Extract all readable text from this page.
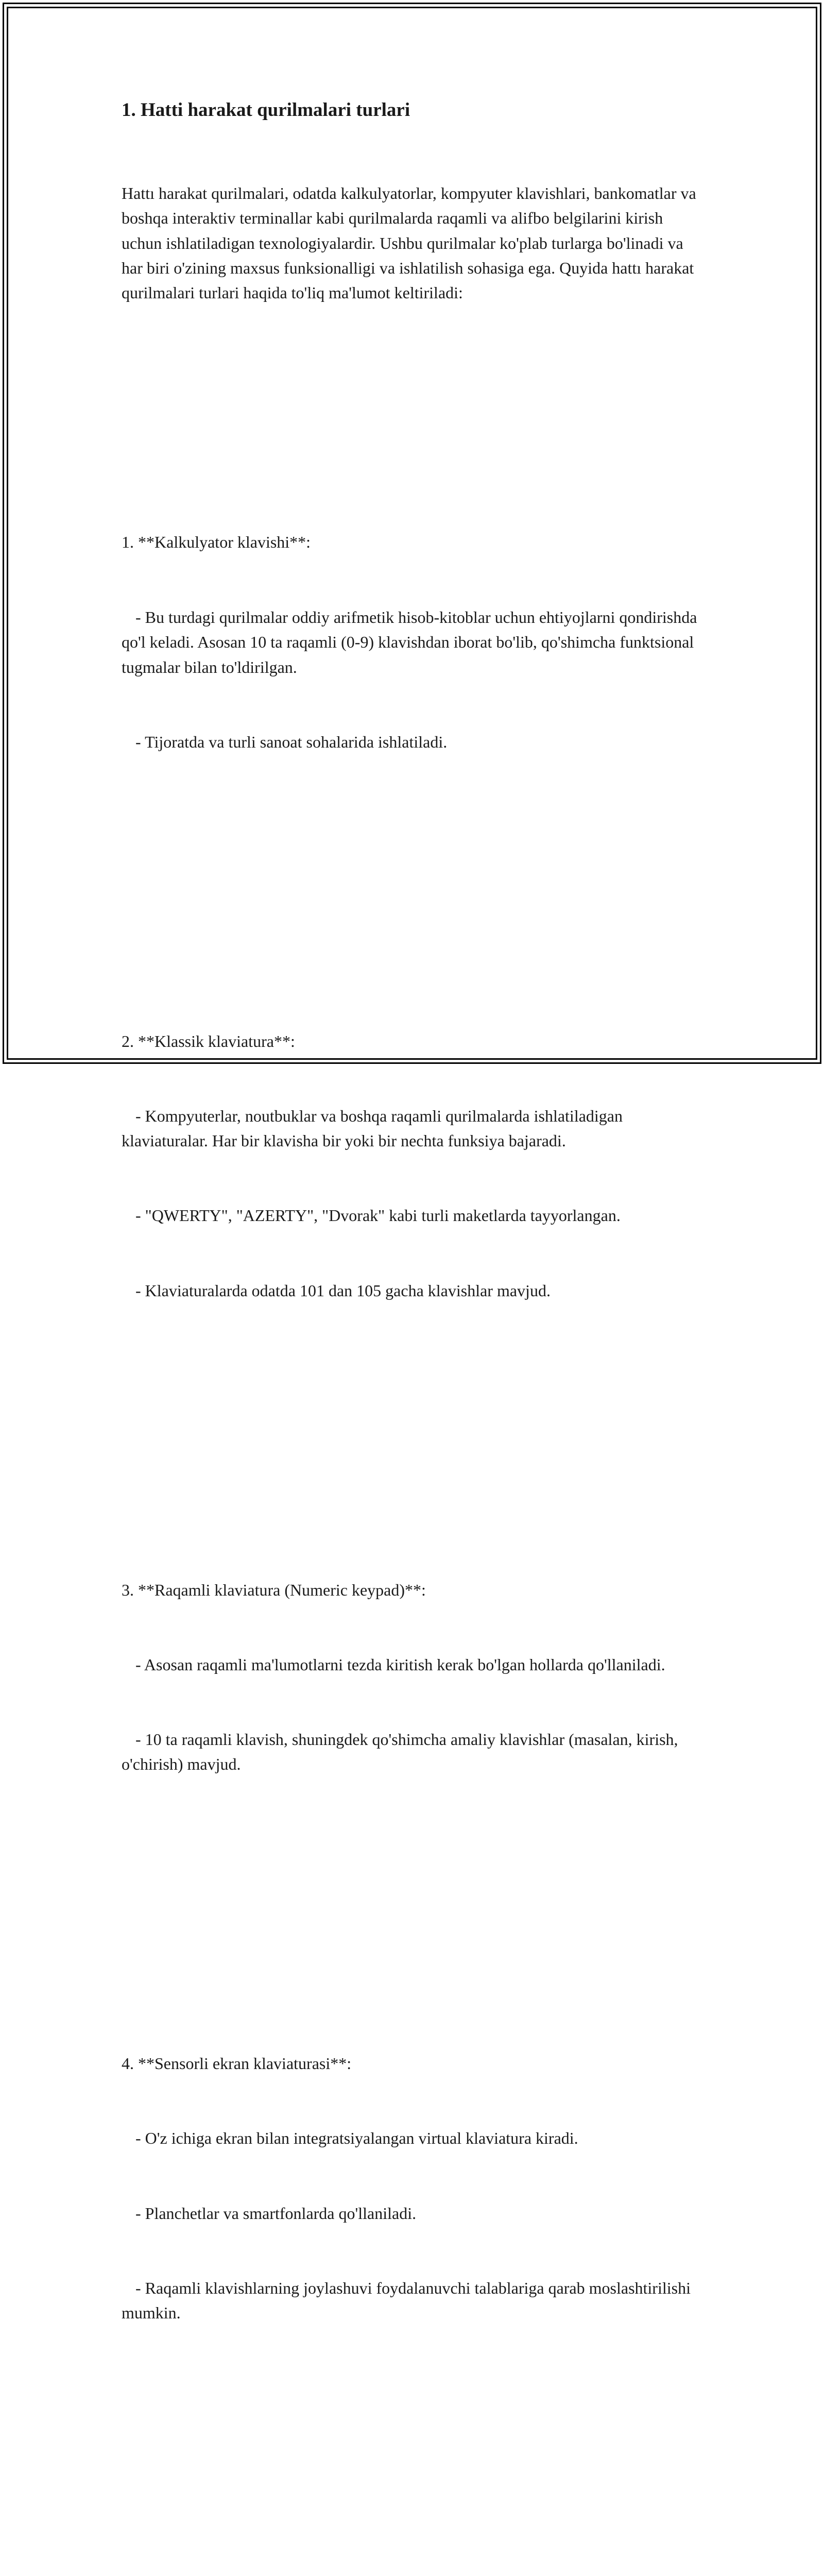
1. Hatti harakat qurilmalari turlari

Hattı harakat qurilmalari, odatda kalkulyatorlar, kompyuter klavishlari, bankomatlar va boshqa interaktiv terminallar kabi qurilmalarda raqamli va alifbo belgilarini kirish uchun ishlatiladigan texnologiyalardir. Ushbu qurilmalar ko'plab turlarga bo'linadi va har biri o'zining maxsus funksionalligi va ishlatilish sohasiga ega. Quyida hattı harakat qurilmalari turlari haqida to'liq ma'lumot keltiriladi:

1. **Kalkulyator klavishi**:

- Bu turdagi qurilmalar oddiy arifmetik hisob-kitoblar uchun ehtiyojlarni qondirishda qo'l keladi. Asosan 10 ta raqamli (0-9) klavishdan iborat bo'lib, qo'shimcha funktsional tugmalar bilan to'ldirilgan.

- Tijoratda va turli sanoat sohalarida ishlatiladi.

2. **Klassik klaviatura**:

- Kompyuterlar, noutbuklar va boshqa raqamli qurilmalarda ishlatiladigan klaviaturalar. Har bir klavisha bir yoki bir nechta funksiya bajaradi.

- "QWERTY", "AZERTY", "Dvorak" kabi turli maketlarda tayyorlangan.

- Klaviaturalarda odatda 101 dan 105 gacha klavishlar mavjud.

3. **Raqamli klaviatura (Numeric keypad)**:

- Asosan raqamli ma'lumotlarni tezda kiritish kerak bo'lgan hollarda qo'llaniladi.

- 10 ta raqamli klavish, shuningdek qo'shimcha amaliy klavishlar (masalan, kirish, o'chirish) mavjud.

4. **Sensorli ekran klaviaturasi**:

- O'z ichiga ekran bilan integratsiyalangan virtual klaviatura kiradi.

- Planchetlar va smartfonlarda qo'llaniladi.

- Raqamli klavishlarning joylashuvi foydalanuvchi talablariga qarab moslashtirilishi mumkin.
